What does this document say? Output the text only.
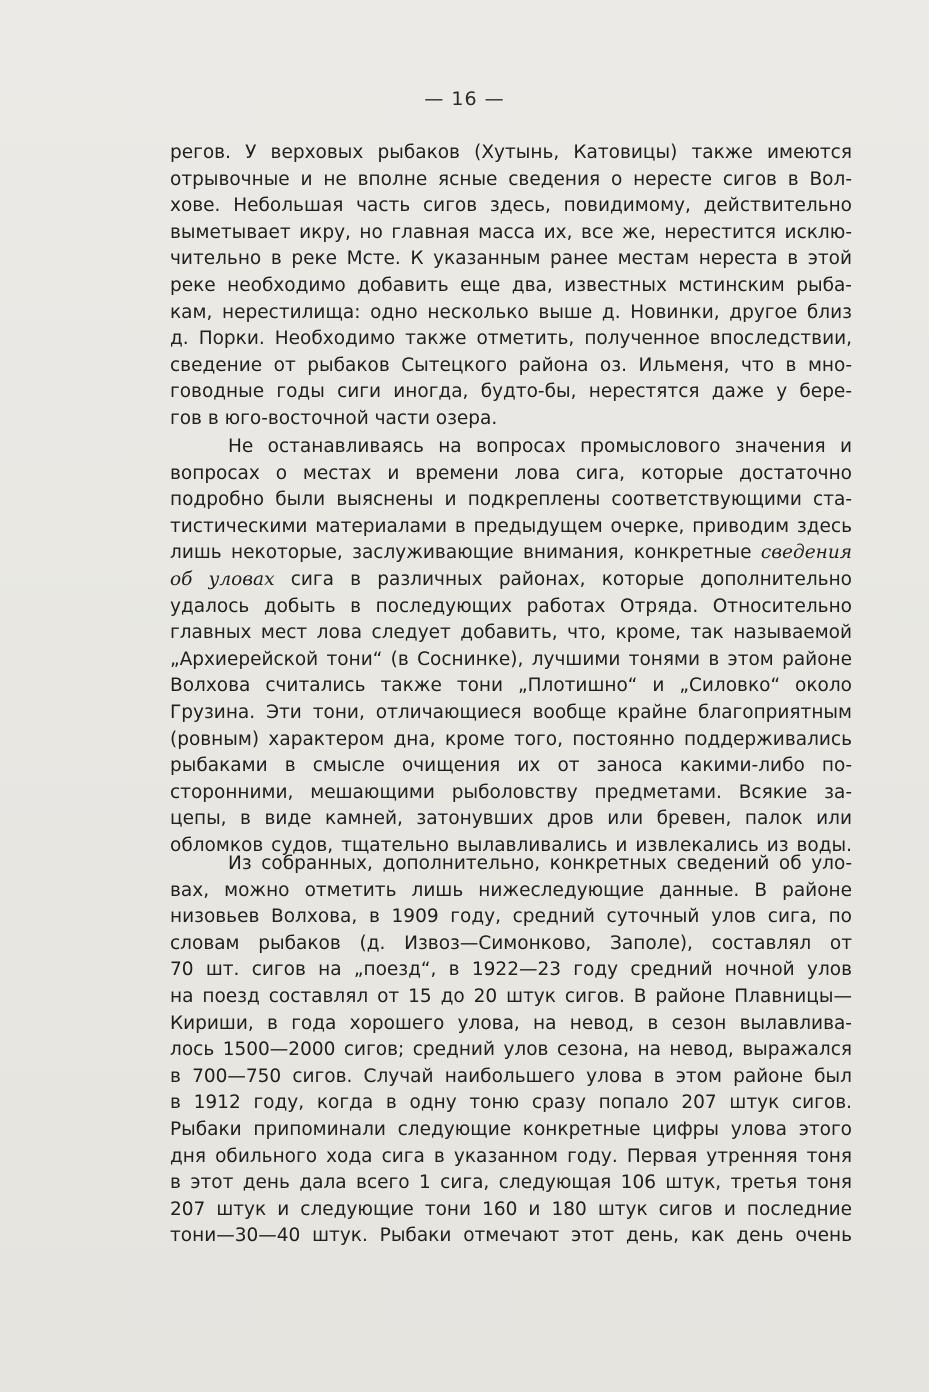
— 16 —
регов. У верховых рыбаков (Хутынь, Катовицы) также имеются
отрывочные и не вполне ясные сведения о нересте сигов в Вол-
хове. Небольшая часть сигов здесь, повидимому, действительно
выметывает икру, но главная масса их, все же, нерестится исклю-
чительно в реке Мсте. К указанным ранее местам нереста в этой
реке необходимо добавить еще два, известных мстинским рыба-
кам, нерестилища: одно несколько выше д. Новинки, другое близ
д. Порки. Необходимо также отметить, полученное впоследствии,
сведение от рыбаков Сытецкого района оз. Ильменя, что в мно-
говодные годы сиги иногда, будто-бы, нерестятся даже у бере-
гов в юго-восточной части озера.
Не останавливаясь на вопросах промыслового значения и
вопросах о местах и времени лова сига, которые достаточно
подробно были выяснены и подкреплены соответствующими ста-
тистическими материалами в предыдущем очерке, приводим здесь
лишь некоторые, заслуживающие внимания, конкретные сведения
об уловах сига в различных районах, которые дополнительно
удалось добыть в последующих работах Отряда. Относительно
главных мест лова следует добавить, что, кроме, так называемой
„Архиерейской тони“ (в Соснинке), лучшими тонями в этом районе
Волхова считались также тони „Плотишно“ и „Силовко“ около
Грузина. Эти тони, отличающиеся вообще крайне благоприятным
(ровным) характером дна, кроме того, постоянно поддерживались
рыбаками в смысле очищения их от заноса какими-либо по-
сторонними, мешающими рыболовству предметами. Всякие за-
цепы, в виде камней, затонувших дров или бревен, палок или
обломков судов, тщательно вылавливались и извлекались из воды.
Из собранных, дополнительно, конкретных сведений об уло-
вах, можно отметить лишь нижеследующие данные. В районе
низовьев Волхова, в 1909 году, средний суточный улов сига, по
словам рыбаков (д. Извоз—Симонково, Заполе), составлял от
70 шт. сигов на „поезд“, в 1922—23 году средний ночной улов
на поезд составлял от 15 до 20 штук сигов. В районе Плавницы—
Кириши, в года хорошего улова, на невод, в сезон вылавлива-
лось 1500—2000 сигов; средний улов сезона, на невод, выражался
в 700—750 сигов. Случай наибольшего улова в этом районе был
в 1912 году, когда в одну тоню сразу попало 207 штук сигов.
Рыбаки припоминали следующие конкретные цифры улова этого
дня обильного хода сига в указанном году. Первая утренняя тоня
в этот день дала всего 1 сига, следующая 106 штук, третья тоня
207 штук и следующие тони 160 и 180 штук сигов и последние
тони—30—40 штук. Рыбаки отмечают этот день, как день очень
